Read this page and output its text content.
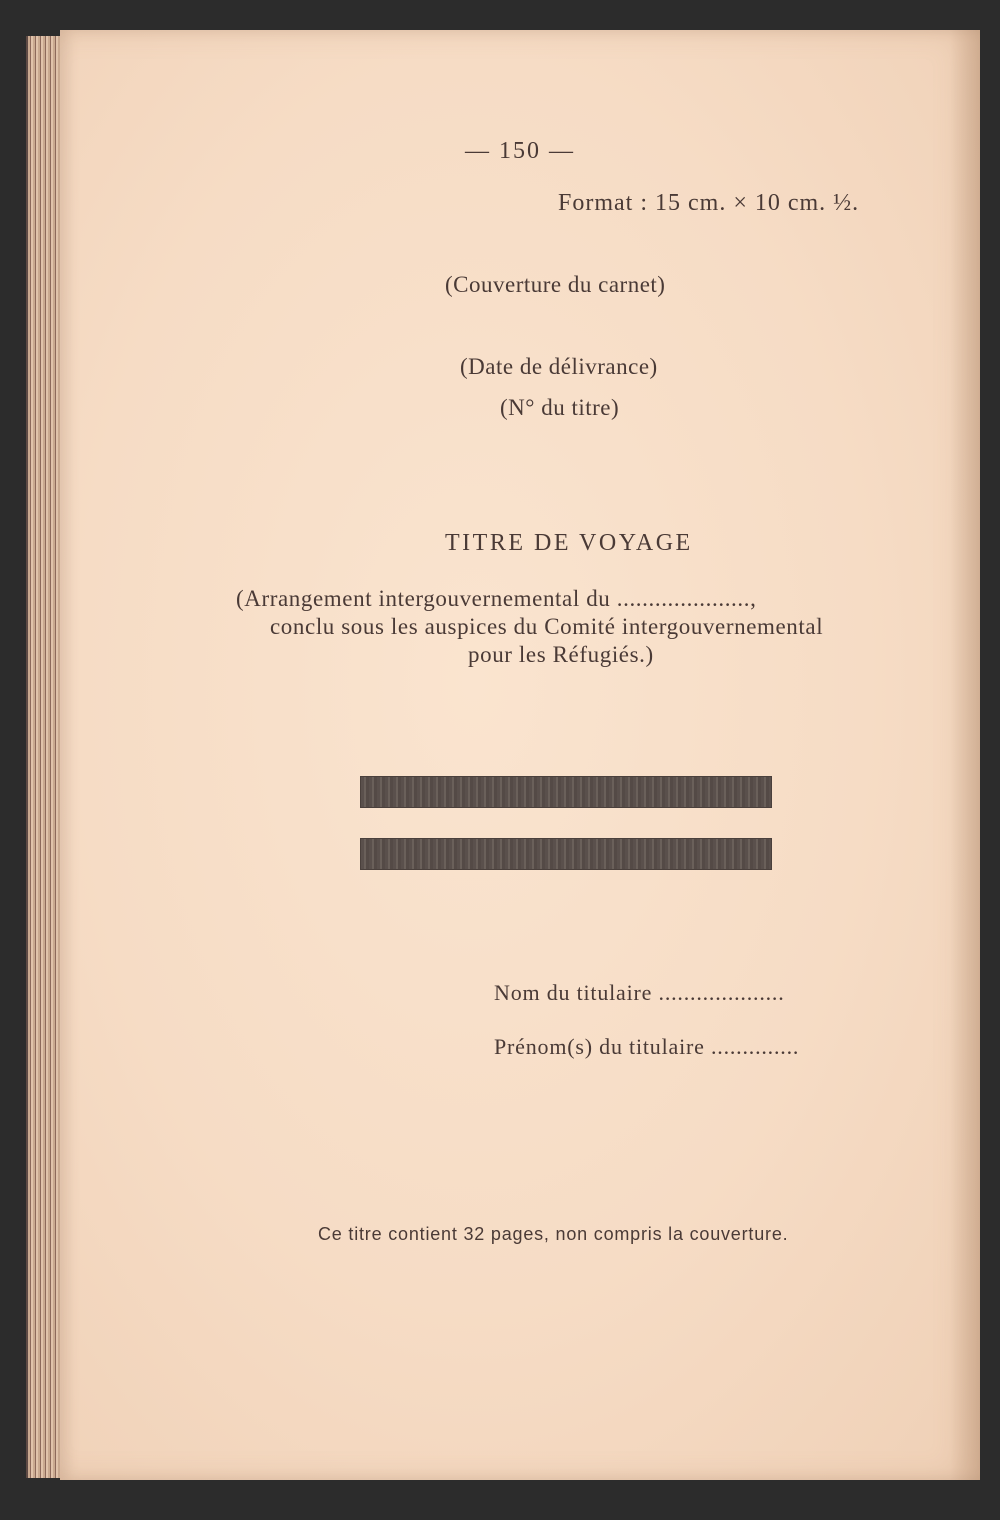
— 150 —
Format : 15 cm. × 10 cm. ½.
(Couverture du carnet)
(Date de délivrance)
(N° du titre)
TITRE DE VOYAGE
(Arrangement intergouvernemental du .....................,
conclu sous les auspices du Comité intergouvernemental
pour les Réfugiés.)
Nom du titulaire ....................
Prénom(s) du titulaire ..............
Ce titre contient 32 pages, non compris la couverture.
